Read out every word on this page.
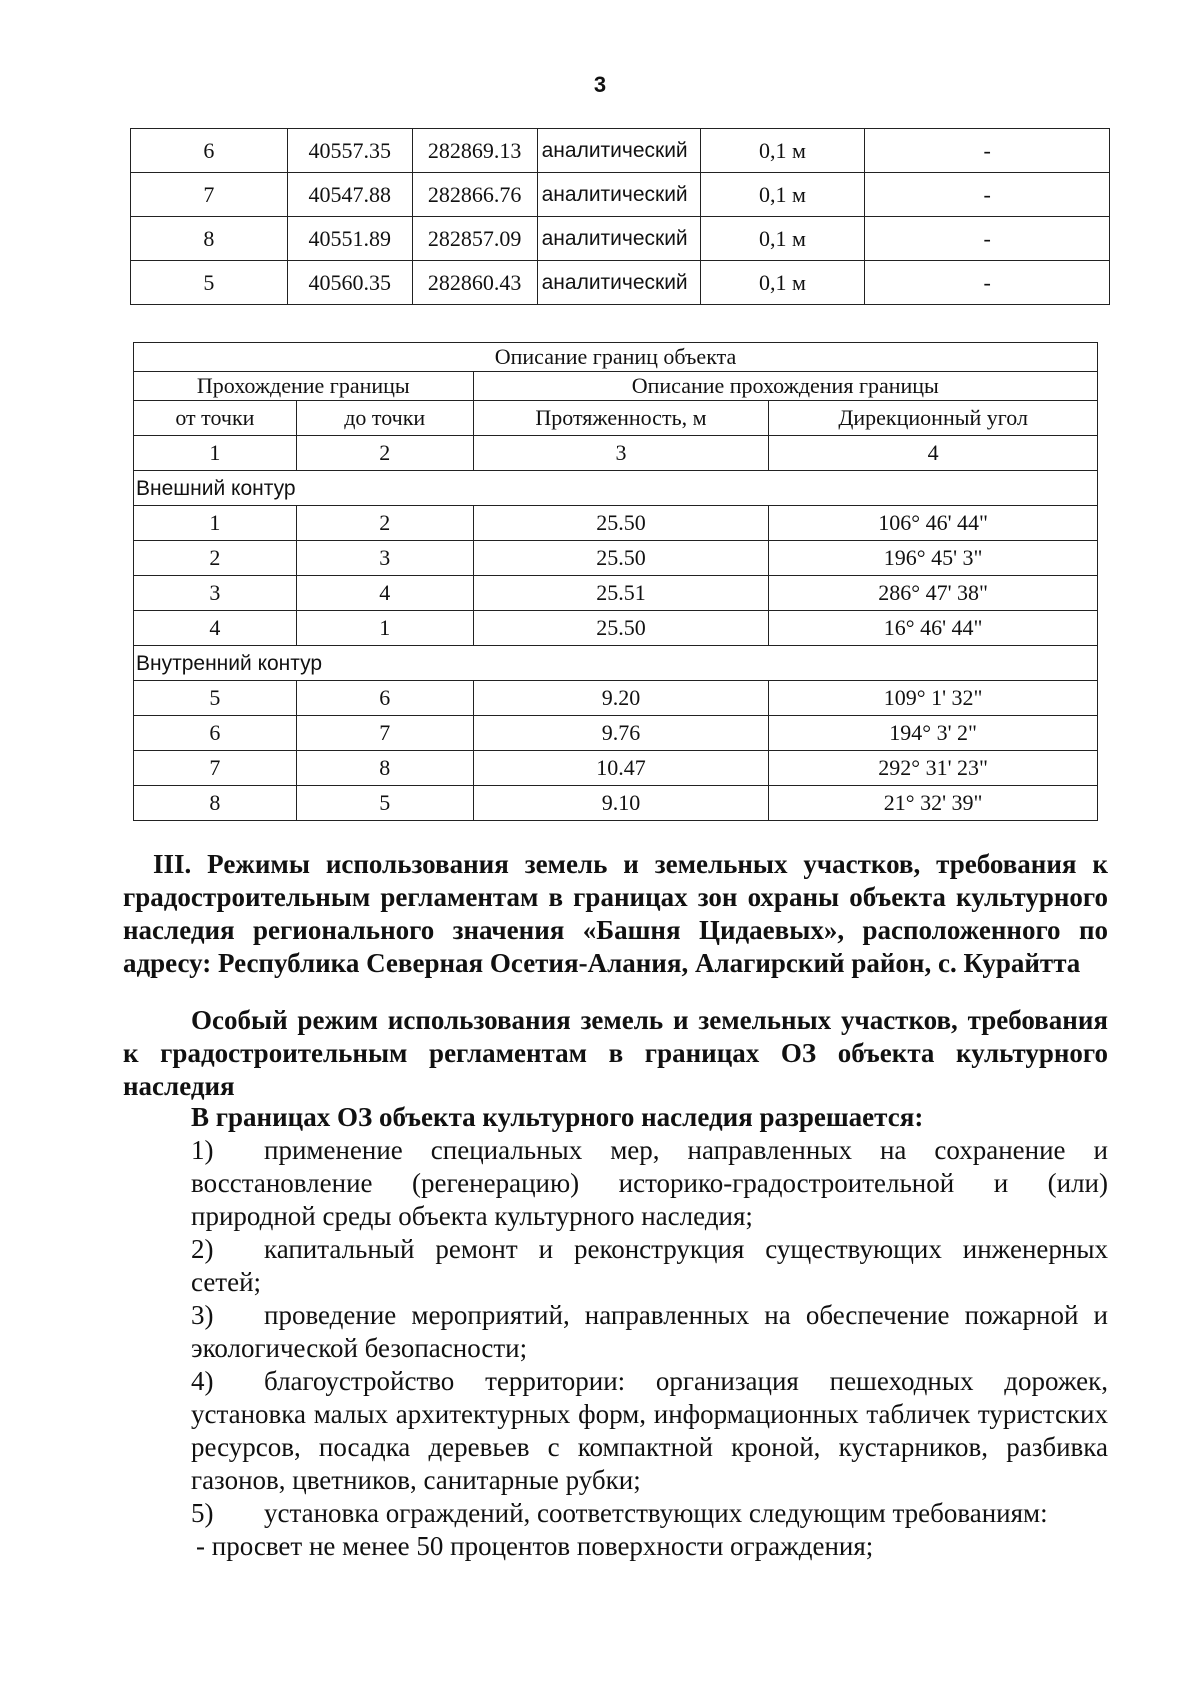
3
6	40557.35	282869.13	аналитический	0,1 м	-
7	40547.88	282866.76	аналитический	0,1 м	-
8	40551.89	282857.09	аналитический	0,1 м	-
5	40560.35	282860.43	аналитический	0,1 м	-
Описание границ объекта			
Прохождение границы		Описание прохождения границы	
от точки	до точки	Протяженность, м	Дирекционный угол
1	2	3	4
Внешний контур			
1	2	25.50	106° 46' 44"
2	3	25.50	196° 45' 3"
3	4	25.51	286° 47' 38"
4	1	25.50	16° 46' 44"
Внутренний контур			
5	6	9.20	109° 1' 32"
6	7	9.76	194° 3' 2"
7	8	10.47	292° 31' 23"
8	5	9.10	21° 32' 39"
III. Режимы использования земель и земельных участков, требования к градостроительным регламентам в границах зон охраны объекта культурного наследия регионального значения «Башня Цидаевых», расположенного по адресу: Республика Северная Осетия-Алания, Алагирский район, с. Курайтта
Особый режим использования земель и земельных участков, требования к градостроительным регламентам в границах ОЗ объекта культурного наследия

В границах ОЗ объекта культурного наследия разрешается:

1) применение специальных мер, направленных на сохранение и восстановление (регенерацию) историко-градостроительной и (или) природной среды объекта культурного наследия;

2) капитальный ремонт и реконструкция существующих инженерных сетей;

3) проведение мероприятий, направленных на обеспечение пожарной и экологической безопасности;

4) благоустройство территории: организация пешеходных дорожек, установка малых архитектурных форм, информационных табличек туристских ресурсов, посадка деревьев с компактной кроной, кустарников, разбивка газонов, цветников, санитарные рубки;

5) установка ограждений, соответствующих следующим требованиям:

- просвет не менее 50 процентов поверхности ограждения;
